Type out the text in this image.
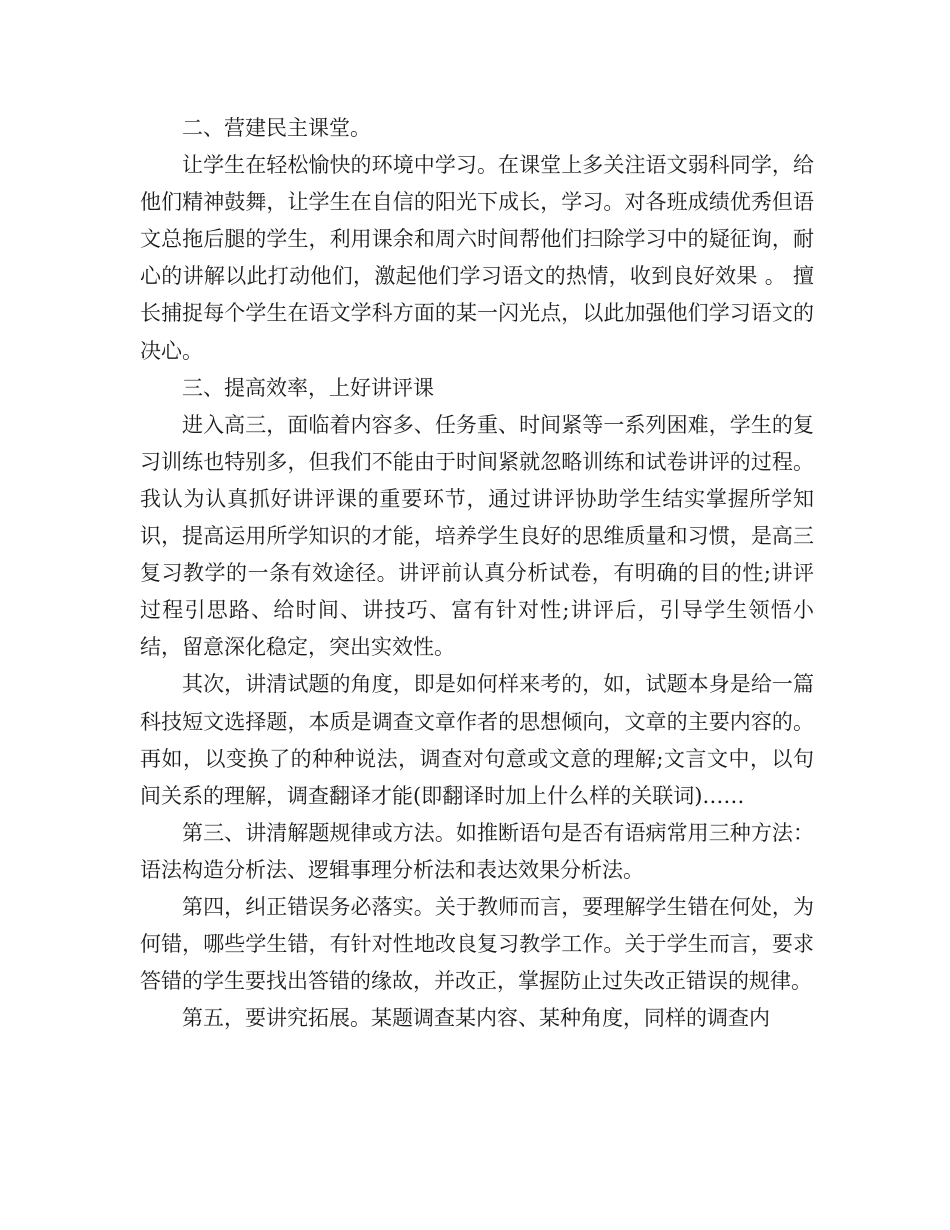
二、营建民主课堂。

让学生在轻松愉快的环境中学习。在课堂上多关注语文弱科同学，给他们精神鼓舞，让学生在自信的阳光下成长，学习。对各班成绩优秀但语文总拖后腿的学生，利用课余和周六时间帮他们扫除学习中的疑征询，耐心的讲解以此打动他们，激起他们学习语文的热情，收到良好效果 。 擅长捕捉每个学生在语文学科方面的某一闪光点，以此加强他们学习语文的决心。

三、提高效率，上好讲评课

进入高三，面临着内容多、任务重、时间紧等一系列困难，学生的复习训练也特别多，但我们不能由于时间紧就忽略训练和试卷讲评的过程。我认为认真抓好讲评课的重要环节，通过讲评协助学生结实掌握所学知识，提高运用所学知识的才能，培养学生良好的思维质量和习惯，是高三复习教学的一条有效途径。讲评前认真分析试卷，有明确的目的性;讲评过程引思路、给时间、讲技巧、富有针对性;讲评后，引导学生领悟小结，留意深化稳定，突出实效性。

其次，讲清试题的角度，即是如何样来考的，如，试题本身是给一篇科技短文选择题，本质是调查文章作者的思想倾向，文章的主要内容的。再如，以变换了的种种说法，调查对句意或文意的理解;文言文中，以句间关系的理解，调查翻译才能(即翻译时加上什么样的关联词)……

第三、讲清解题规律或方法。如推断语句是否有语病常用三种方法：语法构造分析法、逻辑事理分析法和表达效果分析法。

第四，纠正错误务必落实。关于教师而言，要理解学生错在何处，为何错，哪些学生错，有针对性地改良复习教学工作。关于学生而言，要求答错的学生要找出答错的缘故，并改正，掌握防止过失改正错误的规律。

第五，要讲究拓展。某题调查某内容、某种角度，同样的调查内
